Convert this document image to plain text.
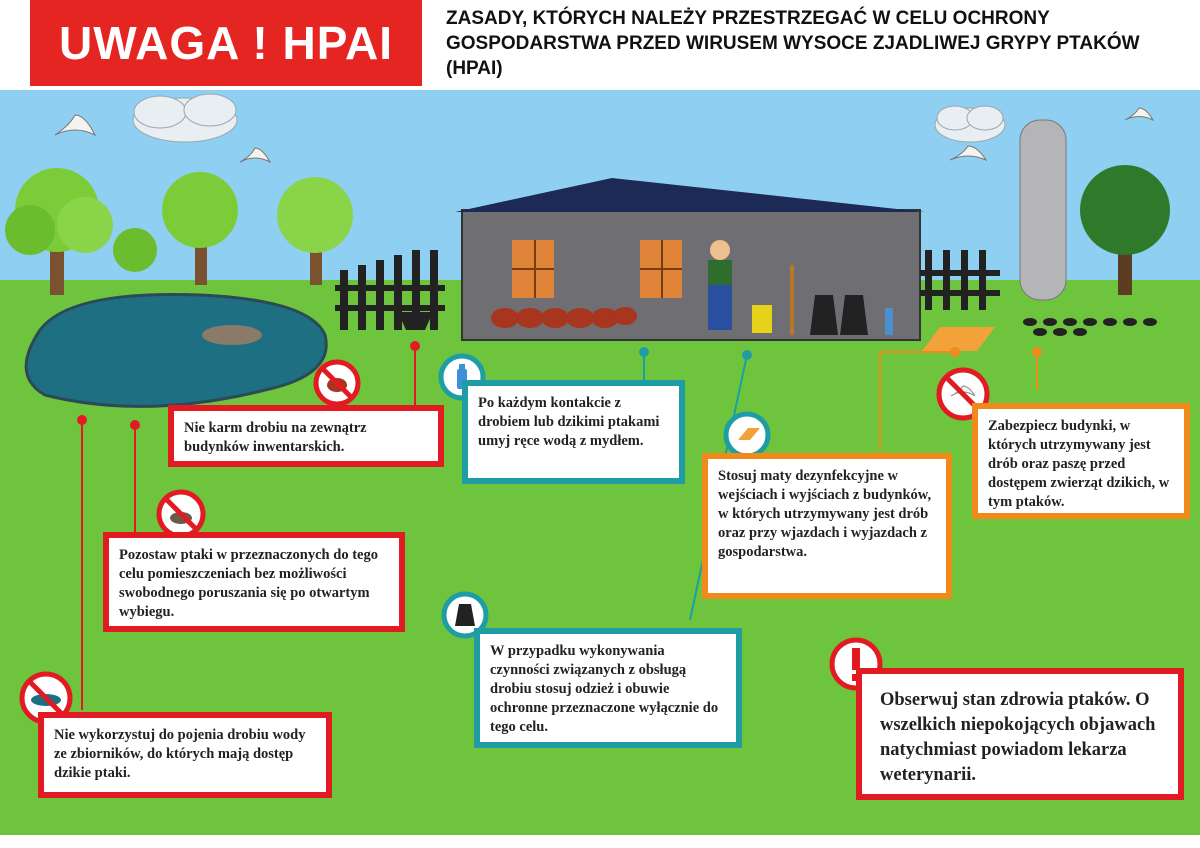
UWAGA ! HPAI	ZASADY, KTÓRYCH NALEŻY PRZESTRZEGAĆ W CELU OCHRONY GOSPODARSTWA PRZED WIRUSEM WYSOCE ZJADLIWEJ GRYPY PTAKÓW (HPAI)
Nie karm drobiu na zewnątrz budynków inwentarskich.
Pozostaw ptaki w przeznaczonych do tego celu pomieszczeniach bez możliwości swobodnego poruszania się po otwartym wybiegu.
Nie wykorzystuj do pojenia drobiu wody ze zbiorników, do których mają dostęp dzikie ptaki.
Po każdym kontakcie z drobiem lub dzikimi ptakami umyj ręce wodą z mydłem.
W przypadku wykonywania czynności związanych z obsługą drobiu stosuj odzież i obuwie ochronne przeznaczone wyłącznie do tego celu.
Stosuj maty dezynfekcyjne w wejściach i wyjściach z budynków, w których utrzymywany jest drób oraz przy wjazdach i wyjazdach z gospodarstwa.
Zabezpiecz budynki, w których utrzymywany jest drób oraz paszę przed dostępem zwierząt dzikich, w tym ptaków.
Obserwuj stan zdrowia ptaków. O wszelkich niepokojących objawach natychmiast powiadom lekarza weterynarii.
